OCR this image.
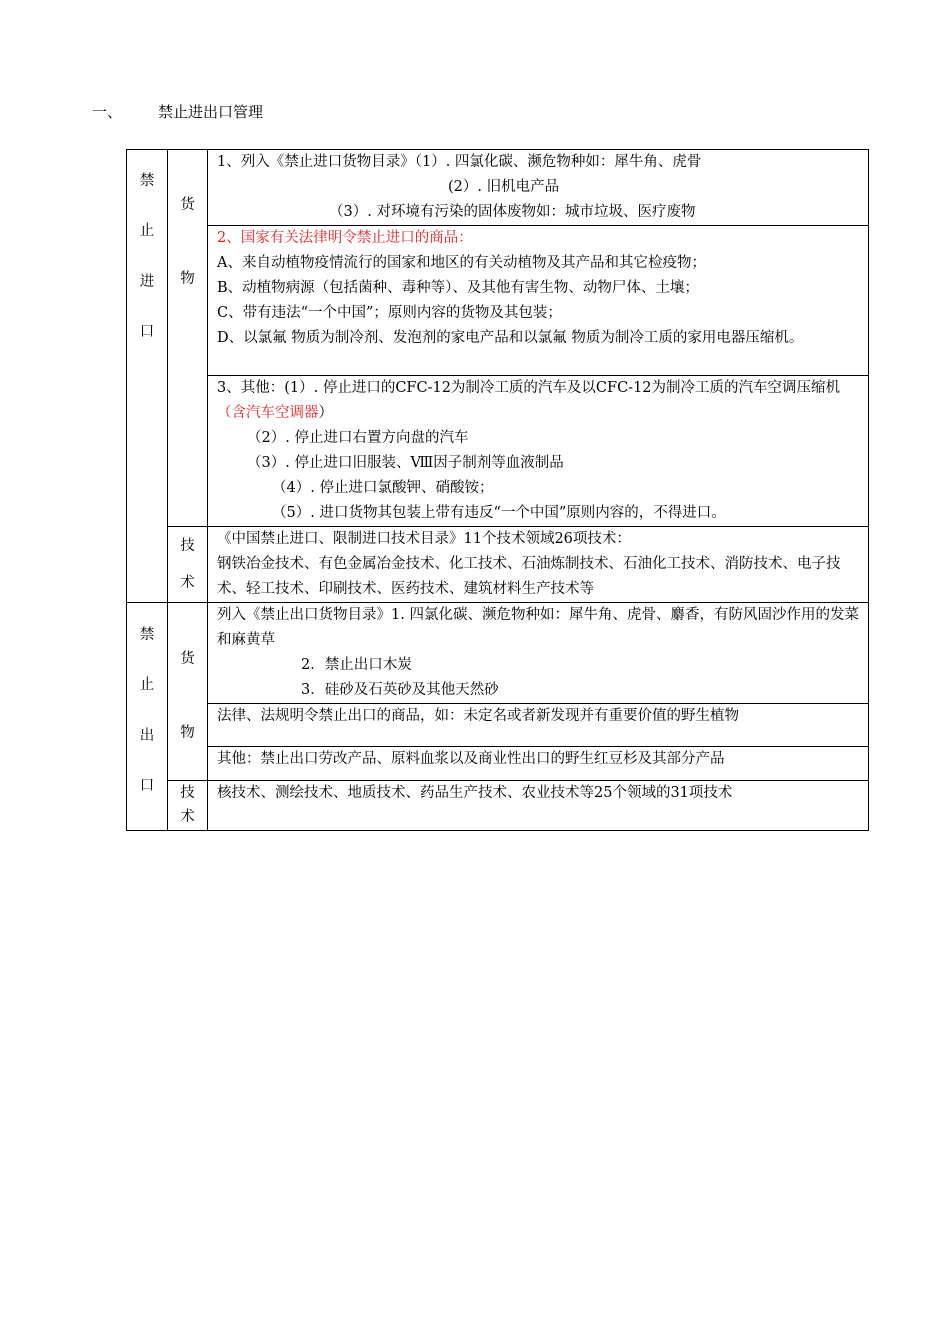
一、 禁止进出口管理
禁
止
进
口	货
物	1、列入《禁止进口货物目录》（1）. 四氯化碳、濒危物种如：犀牛角、虎骨
(2）. 旧机电产品
（3）. 对环境有污染的固体废物如：城市垃圾、医疗废物

		2、国家有关法律明令禁止进口的商品：
A、来自动植物疫情流行的国家和地区的有关动植物及其产品和其它检疫物；
B、动植物病源（包括菌种、毒种等）、及其他有害生物、动物尸体、土壤；
C、带有违法“一个中国”；原则内容的货物及其包装；
D、以氯氟 物质为制冷剂、发泡剂的家电产品和以氯氟 物质为制冷工质的家用电器压缩机。

		3、其他：(1）. 停止进口的CFC-12为制冷工质的汽车及以CFC-12为制冷工质的汽车空调压缩机（含汽车空调器）
（2）. 停止进口右置方向盘的汽车
（3）. 停止进口旧服装、Ⅷ因子制剂等血液制品
（4）. 停止进口氯酸钾、硝酸铵；
（5）. 进口货物其包装上带有违反“一个中国”原则内容的，不得进口。

	技
术	《中国禁止进口、限制进口技术目录》11个技术领域26项技术：
钢铁冶金技术、有色金属冶金技术、化工技术、石油炼制技术、石油化工技术、消防技术、电子技术、轻工技术、印刷技术、医药技术、建筑材料生产技术等

禁
止
出
口	货
物	列入《禁止出口货物目录》1. 四氯化碳、濒危物种如：犀牛角、虎骨、麝香，有防风固沙作用的发菜和麻黄草
2．禁止出口木炭
3．硅砂及石英砂及其他天然砂

		法律、法规明令禁止出口的商品，如：未定名或者新发现并有重要价值的野生植物

		其他：禁止出口劳改产品、原料血浆以及商业性出口的野生红豆杉及其部分产品

	技
术	核技术、测绘技术、地质技术、药品生产技术、农业技术等25个领域的31项技术
